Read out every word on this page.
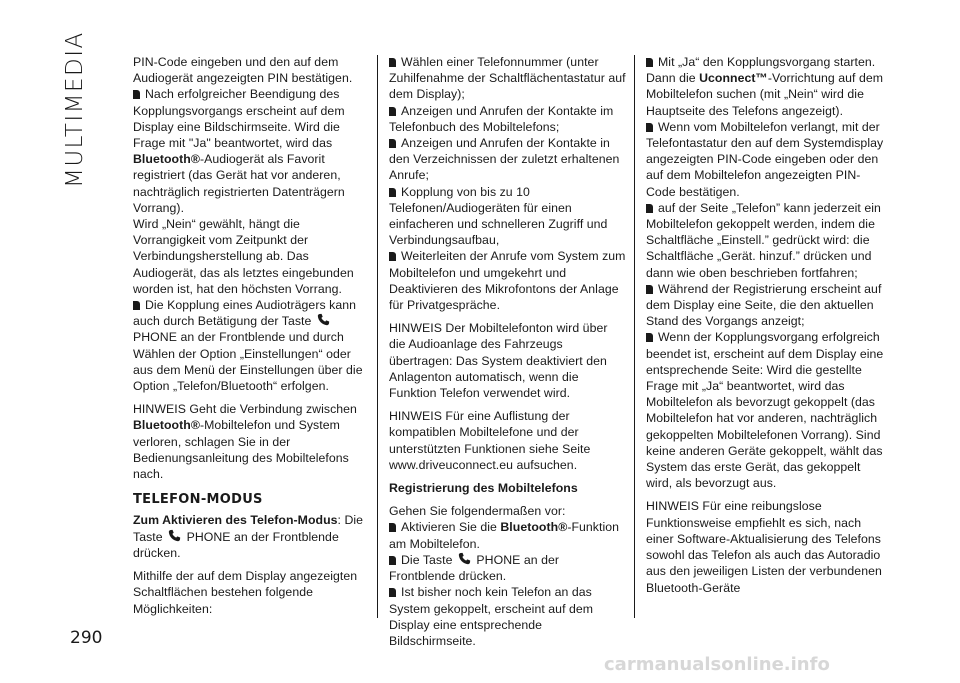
MULTIMEDIA
290

PIN-Code eingeben und den auf dem Audiogerät angezeigten PIN bestätigen.

Nach erfolgreicher Beendigung des Kopplungsvorgangs erscheint auf dem Display eine Bildschirmseite. Wird die Frage mit "Ja" beantwortet, wird das Bluetooth®-Audiogerät als Favorit registriert (das Gerät hat vor anderen, nachträglich registrierten Datenträgern Vorrang).

Wird „Nein“ gewählt, hängt die Vorrangigkeit vom Zeitpunkt der Verbindungsherstellung ab. Das Audiogerät, das als letztes eingebunden worden ist, hat den höchsten Vorrang.

Die Kopplung eines Audioträgers kann auch durch Betätigung der Taste  PHONE an der Frontblende und durch Wählen der Option „Einstellungen“ oder aus dem Menü der Einstellungen über die Option „Telefon/Bluetooth“ erfolgen.

HINWEIS Geht die Verbindung zwischen Bluetooth®-Mobiltelefon und System verloren, schlagen Sie in der Bedienungsanleitung des Mobiltelefons nach.

TELEFON-MODUS

Zum Aktivieren des Telefon-Modus: Die Taste  PHONE an der Frontblende drücken.

Mithilfe der auf dem Display angezeigten Schaltflächen bestehen folgende Möglichkeiten:

Wählen einer Telefonnummer (unter Zuhilfenahme der Schaltflächentastatur auf dem Display);

Anzeigen und Anrufen der Kontakte im Telefonbuch des Mobiltelefons;

Anzeigen und Anrufen der Kontakte in den Verzeichnissen der zuletzt erhaltenen Anrufe;

Kopplung von bis zu 10 Telefonen/Audiogeräten für einen einfacheren und schnelleren Zugriff und Verbindungsaufbau,

Weiterleiten der Anrufe vom System zum Mobiltelefon und umgekehrt und Deaktivieren des Mikrofontons der Anlage für Privatgespräche.

HINWEIS Der Mobiltelefonton wird über die Audioanlage des Fahrzeugs übertragen: Das System deaktiviert den Anlagenton automatisch, wenn die Funktion Telefon verwendet wird.

HINWEIS Für eine Auflistung der kompatiblen Mobiltelefone und der unterstützten Funktionen siehe Seite www.driveuconnect.eu aufsuchen.

Registrierung des Mobiltelefons

Gehen Sie folgendermaßen vor:

Aktivieren Sie die Bluetooth®-Funktion am Mobiltelefon.

Die Taste  PHONE an der Frontblende drücken.

Ist bisher noch kein Telefon an das System gekoppelt, erscheint auf dem Display eine entsprechende Bildschirmseite.

Mit „Ja“ den Kopplungsvorgang starten. Dann die Uconnect™-Vorrichtung auf dem Mobiltelefon suchen (mit „Nein“ wird die Hauptseite des Telefons angezeigt).

Wenn vom Mobiltelefon verlangt, mit der Telefontastatur den auf dem Systemdisplay angezeigten PIN-Code eingeben oder den auf dem Mobiltelefon angezeigten PIN-Code bestätigen.

auf der Seite „Telefon” kann jederzeit ein Mobiltelefon gekoppelt werden, indem die Schaltfläche „Einstell.” gedrückt wird: die Schaltfläche „Gerät. hinzuf.” drücken und dann wie oben beschrieben fortfahren;

Während der Registrierung erscheint auf dem Display eine Seite, die den aktuellen Stand des Vorgangs anzeigt;

Wenn der Kopplungsvorgang erfolgreich beendet ist, erscheint auf dem Display eine entsprechende Seite: Wird die gestellte Frage mit „Ja“ beantwortet, wird das Mobiltelefon als bevorzugt gekoppelt (das Mobiltelefon hat vor anderen, nachträglich gekoppelten Mobiltelefonen Vorrang). Sind keine anderen Geräte gekoppelt, wählt das System das erste Gerät, das gekoppelt wird, als bevorzugt aus.

HINWEIS Für eine reibungslose Funktionsweise empfiehlt es sich, nach einer Software-Aktualisierung des Telefons sowohl das Telefon als auch das Autoradio aus den jeweiligen Listen der verbundenen Bluetooth-Geräte

carmanualsonline.info
